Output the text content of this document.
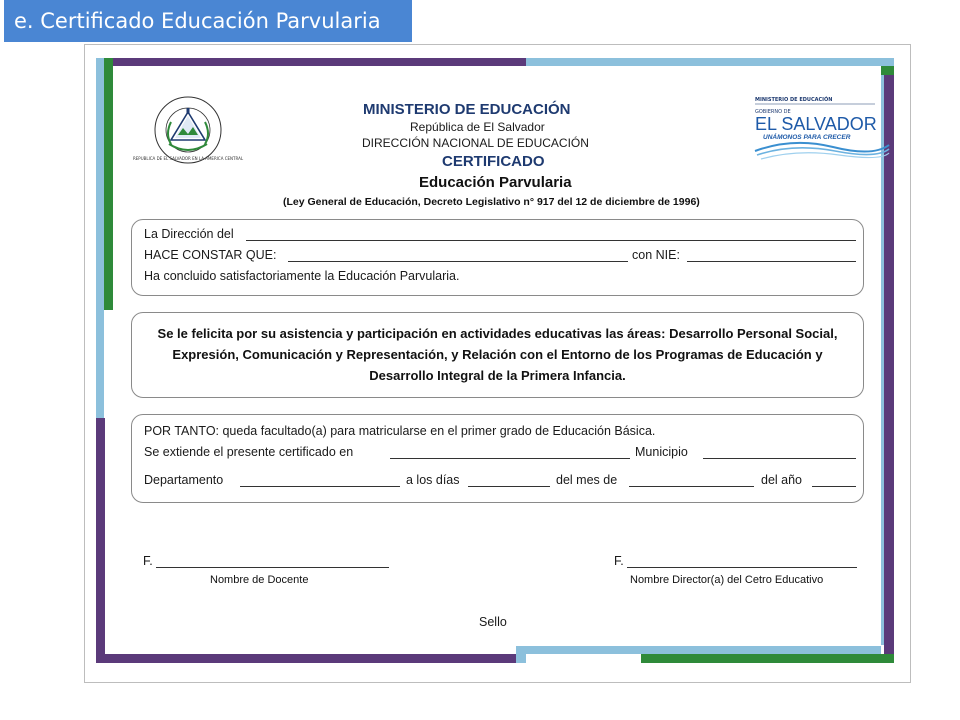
e. Certificado Educación Parvularia
REPUBLICA DE EL SALVADOR EN LA AMERICA CENTRAL
MINISTERIO DE EDUCACIÓN
República de El Salvador
DIRECCIÓN NACIONAL DE EDUCACIÓN
CERTIFICADO
Educación Parvularia
(Ley General de Educación, Decreto Legislativo n° 917 del 12 de diciembre de 1996)
MINISTERIO DE EDUCACIÓN
GOBIERNO DE
EL SALVADOR
UNÁMONOS PARA CRECER
La Dirección del
HACE CONSTAR QUE:	con NIE:
Ha concluido satisfactoriamente la Educación Parvularia.
Se le felicita por su asistencia y participación en actividades educativas las áreas: Desarrollo Personal Social, Expresión, Comunicación y Representación, y Relación con el Entorno de los Programas de Educación y Desarrollo Integral de la Primera Infancia.
POR TANTO: queda facultado(a) para matricularse en el primer grado de Educación Básica.
Se extiende el presente certificado en	Municipio
Departamento	a los días	del mes de	del año
F.
Nombre de Docente
F.
Nombre Director(a) del Cetro Educativo
Sello
